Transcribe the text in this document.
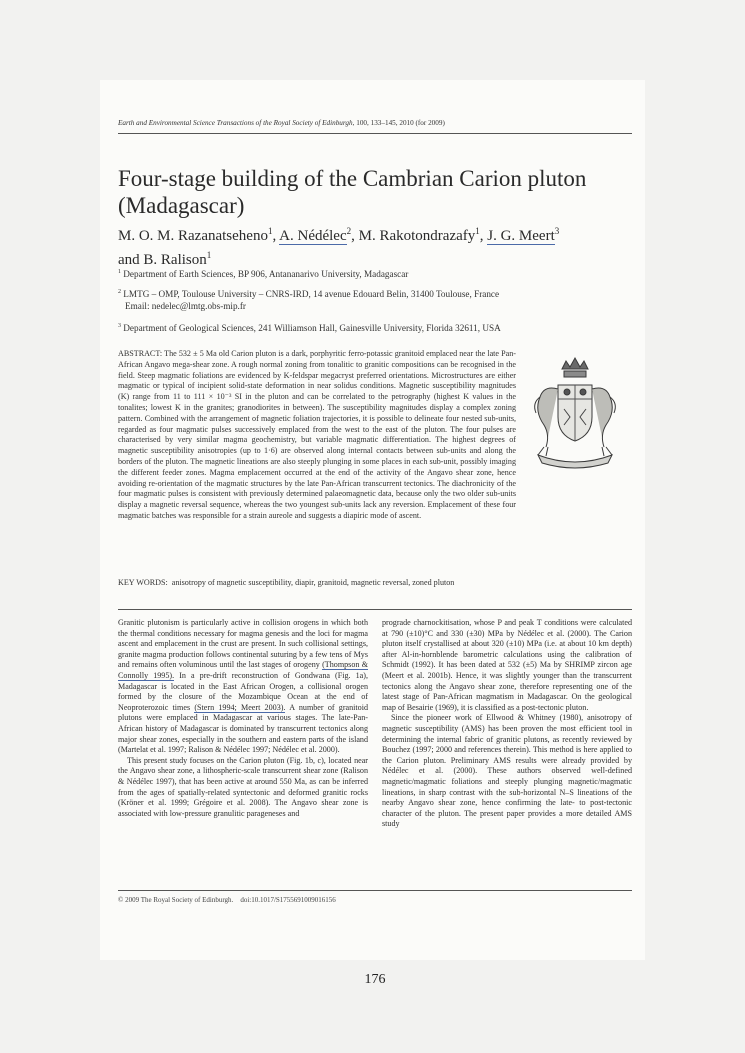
Earth and Environmental Science Transactions of the Royal Society of Edinburgh, 100, 133–145, 2010 (for 2009)
Four-stage building of the Cambrian Carion pluton (Madagascar)
M. O. M. Razanatseheno$^1$, A. Nédélec$^2$, M. Rakotondrazafy$^1$, J. G. Meert$^3$
and B. Ralison$^1$
$^1$ Department of Earth Sciences, BP 906, Antananarivo University, Madagascar
$^2$ LMTG – OMP, Toulouse University – CNRS-IRD, 14 avenue Edouard Belin, 31400 Toulouse, France
Email: nedelec@lmtg.obs-mip.fr
$^3$ Department of Geological Sciences, 241 Williamson Hall, Gainesville University, Florida 32611, USA
ABSTRACT: The 532 ± 5 Ma old Carion pluton is a dark, porphyritic ferro-potassic granitoid emplaced near the late Pan-African Angavo mega-shear zone. A rough normal zoning from tonalitic to granitic compositions can be recognised in the field. Steep magmatic foliations are evidenced by K-feldspar megacryst preferred orientations. Microstructures are either magmatic or typical of incipient solid-state deformation in near solidus conditions. Magnetic susceptibility magnitudes (K) range from 11 to 111 × 10⁻³ SI in the pluton and can be correlated to the petrography (highest K values in the tonalites; lowest K in the granites; granodiorites in between). The susceptibility magnitudes display a complex zoning pattern. Combined with the arrangement of magnetic foliation trajectories, it is possible to delineate four nested sub-units, regarded as four magmatic pulses successively emplaced from the west to the east of the pluton. The four pulses are characterised by very similar magma geochemistry, but variable magmatic differentiation. The highest degrees of magnetic susceptibility anisotropies (up to 1·6) are observed along internal contacts between sub-units and along the borders of the pluton. The magnetic lineations are also steeply plunging in some places in each sub-unit, possibly imaging the different feeder zones. Magma emplacement occurred at the end of the activity of the Angavo shear zone, hence avoiding re-orientation of the magmatic structures by the late Pan-African transcurrent tectonics. The diachronicity of the four magmatic pulses is consistent with previously determined palaeomagnetic data, because only the two older sub-units display a magnetic reversal sequence, whereas the two youngest sub-units lack any reversion. Emplacement of these four magmatic batches was responsible for a strain aureole and suggests a diapiric mode of ascent.
KEY WORDS: anisotropy of magnetic susceptibility, diapir, granitoid, magnetic reversal, zoned pluton

Granitic plutonism is particularly active in collision orogens in which both the thermal conditions necessary for magma genesis and the loci for magma ascent and emplacement in the crust are present. In such collisional settings, granite magma production follows continental suturing by a few tens of Mys and remains often voluminous until the last stages of orogeny (Thompson & Connolly 1995). In a pre-drift reconstruction of Gondwana (Fig. 1a), Madagascar is located in the East African Orogen, a collisional orogen formed by the closure of the Mozambique Ocean at the end of Neoproterozoic times (Stern 1994; Meert 2003). A number of granitoid plutons were emplaced in Madagascar at various stages. The late-Pan-African history of Madagascar is dominated by transcurrent tectonics along major shear zones, especially in the southern and eastern parts of the island (Martelat et al. 1997; Ralison & Nédélec 1997; Nédélec et al. 2000).

This present study focuses on the Carion pluton (Fig. 1b, c), located near the Angavo shear zone, a lithospheric-scale transcurrent shear zone (Ralison & Nédélec 1997), that has been active at around 550 Ma, as can be inferred from the ages of spatially-related syntectonic and deformed granitic rocks (Kröner et al. 1999; Grégoire et al. 2008). The Angavo shear zone is associated with low-pressure granulitic parageneses and

prograde charnockitisation, whose P and peak T conditions were calculated at 790 (±10)°C and 330 (±30) MPa by Nédélec et al. (2000). The Carion pluton itself crystallised at about 320 (±10) MPa (i.e. at about 10 km depth) after Al-in-hornblende barometric calculations using the calibration of Schmidt (1992). It has been dated at 532 (±5) Ma by SHRIMP zircon age (Meert et al. 2001b). Hence, it was slightly younger than the transcurrent tectonics along the Angavo shear zone, therefore representing one of the latest stage of Pan-African magmatism in Madagascar. On the geological map of Besairie (1969), it is classified as a post-tectonic pluton.

Since the pioneer work of Ellwood & Whitney (1980), anisotropy of magnetic susceptibility (AMS) has been proven the most efficient tool in determining the internal fabric of granitic plutons, as recently reviewed by Bouchez (1997; 2000 and references therein). This method is here applied to the Carion pluton. Preliminary AMS results were already provided by Nédélec et al. (2000). These authors observed well-defined magnetic/magmatic foliations and steeply plunging magnetic/magmatic lineations, in sharp contrast with the sub-horizontal N–S lineations of the nearby Angavo shear zone, hence confirming the late- to post-tectonic character of the pluton. The present paper provides a more detailed AMS study

© 2009 The Royal Society of Edinburgh. doi:10.1017/S1755691009016156
176
